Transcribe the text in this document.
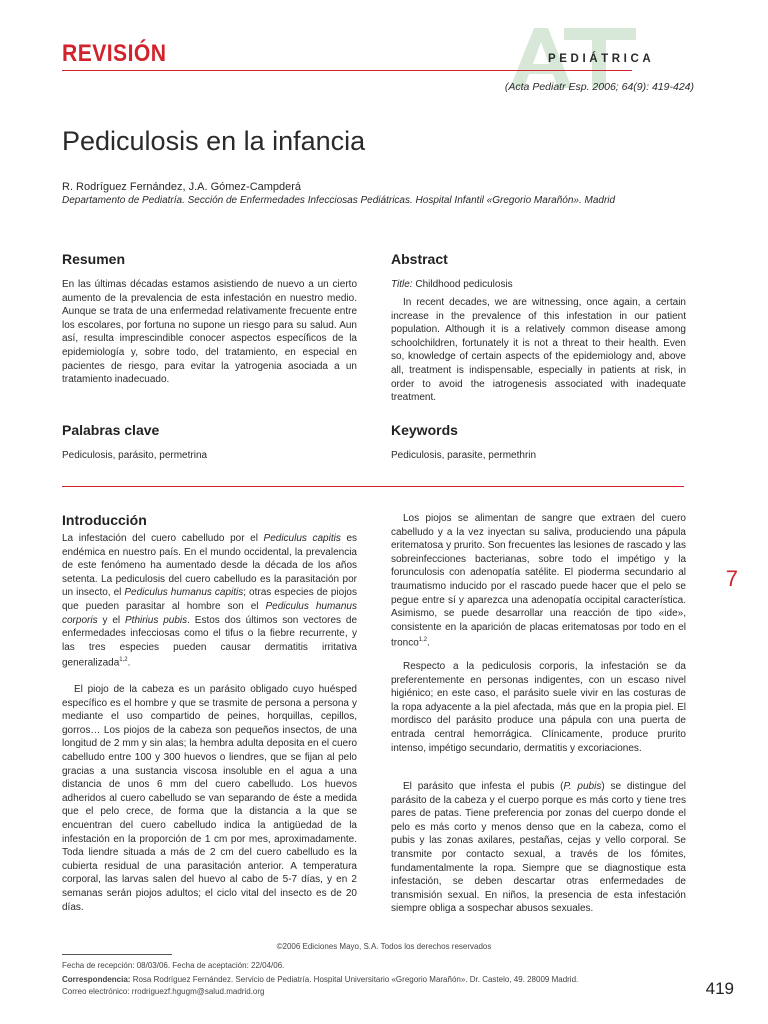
REVISIÓN	PEDIÁTRICA
(Acta Pediatr Esp. 2006; 64(9): 419-424)
Pediculosis en la infancia
R. Rodríguez Fernández, J.A. Gómez-Campderá
Departamento de Pediatría. Sección de Enfermedades Infecciosas Pediátricas. Hospital Infantil «Gregorio Marañón». Madrid
Resumen
En las últimas décadas estamos asistiendo de nuevo a un cierto aumento de la prevalencia de esta infestación en nuestro medio. Aunque se trata de una enfermedad relativamente frecuente entre los escolares, por fortuna no supone un riesgo para su salud. Aun así, resulta imprescindible conocer aspectos específicos de la epidemiología y, sobre todo, del tratamiento, en especial en pacientes de riesgo, para evitar la yatrogenia asociada a un tratamiento inadecuado.
Abstract
Title: Childhood pediculosis
In recent decades, we are witnessing, once again, a certain increase in the prevalence of this infestation in our patient population. Although it is a relatively common disease among schoolchildren, fortunately it is not a threat to their health. Even so, knowledge of certain aspects of the epidemiology and, above all, treatment is indispensable, especially in patients at risk, in order to avoid the iatrogenesis associated with inadequate treatment.
Palabras clave
Pediculosis, parásito, permetrina
Keywords
Pediculosis, parasite, permethrin
Introducción
La infestación del cuero cabelludo por el Pediculus capitis es endémica en nuestro país. En el mundo occidental, la prevalencia de este fenómeno ha aumentado desde la década de los años setenta. La pediculosis del cuero cabelludo es la parasitación por un insecto, el Pediculus humanus capitis; otras especies de piojos que pueden parasitar al hombre son el Pediculus humanus corporis y el Pthirius pubis. Estos dos últimos son vectores de enfermedades infecciosas como el tifus o la fiebre recurrente, y las tres especies pueden causar dermatitis irritativa generalizada$^{1,2}$.
El piojo de la cabeza es un parásito obligado cuyo huésped específico es el hombre y que se trasmite de persona a persona y mediante el uso compartido de peines, horquillas, cepillos, gorros… Los piojos de la cabeza son pequeños insectos, de una longitud de 2 mm y sin alas; la hembra adulta deposita en el cuero cabelludo entre 100 y 300 huevos o liendres, que se fijan al pelo gracias a una sustancia viscosa insoluble en el agua a una distancia de unos 6 mm del cuero cabelludo. Los huevos adheridos al cuero cabelludo se van separando de éste a medida que el pelo crece, de forma que la distancia a la que se encuentran del cuero cabelludo indica la antigüedad de la infestación en la proporción de 1 cm por mes, aproximadamente. Toda liendre situada a más de 2 cm del cuero cabelludo es la cubierta residual de una parasitación anterior. A temperatura corporal, las larvas salen del huevo al cabo de 5-7 días, y en 2 semanas serán piojos adultos; el ciclo vital del insecto es de 20 días.
Los piojos se alimentan de sangre que extraen del cuero cabelludo y a la vez inyectan su saliva, produciendo una pápula eritematosa y prurito. Son frecuentes las lesiones de rascado y las sobreinfecciones bacterianas, sobre todo el impétigo y la forunculosis con adenopatía satélite. El pioderma secundario al traumatismo inducido por el rascado puede hacer que el pelo se pegue entre sí y aparezca una adenopatía occipital característica. Asimismo, se puede desarrollar una reacción de tipo «ide», consistente en la aparición de placas eritematosas por todo en el tronco$^{1,2}$.
Respecto a la pediculosis corporis, la infestación se da preferentemente en personas indigentes, con un escaso nivel higiénico; en este caso, el parásito suele vivir en las costuras de la ropa adyacente a la piel afectada, más que en la propia piel. El mordisco del parásito produce una pápula con una puerta de entrada central hemorrágica. Clínicamente, produce prurito intenso, impétigo secundario, dermatitis y excoriaciones.
El parásito que infesta el pubis (P. pubis) se distingue del parásito de la cabeza y el cuerpo porque es más corto y tiene tres pares de patas. Tiene preferencia por zonas del cuerpo donde el pelo es más corto y menos denso que en la cabeza, como el pubis y las zonas axilares, pestañas, cejas y vello corporal. Se transmite por contacto sexual, a través de los fómites, fundamentalmente la ropa. Siempre que se diagnostique esta infestación, se deben descartar otras enfermedades de transmisión sexual. En niños, la presencia de esta infestación siempre obliga a sospechar abusos sexuales.
7
©2006 Ediciones Mayo, S.A. Todos los derechos reservados
Fecha de recepción: 08/03/06. Fecha de aceptación: 22/04/06.
Correspondencia: Rosa Rodríguez Fernández. Servicio de Pediatría. Hospital Universitario «Gregorio Marañón». Dr. Castelo, 49. 28009 Madrid.
Correo electrónico: rrodriguezf.hgugm@salud.madrid.org	419
